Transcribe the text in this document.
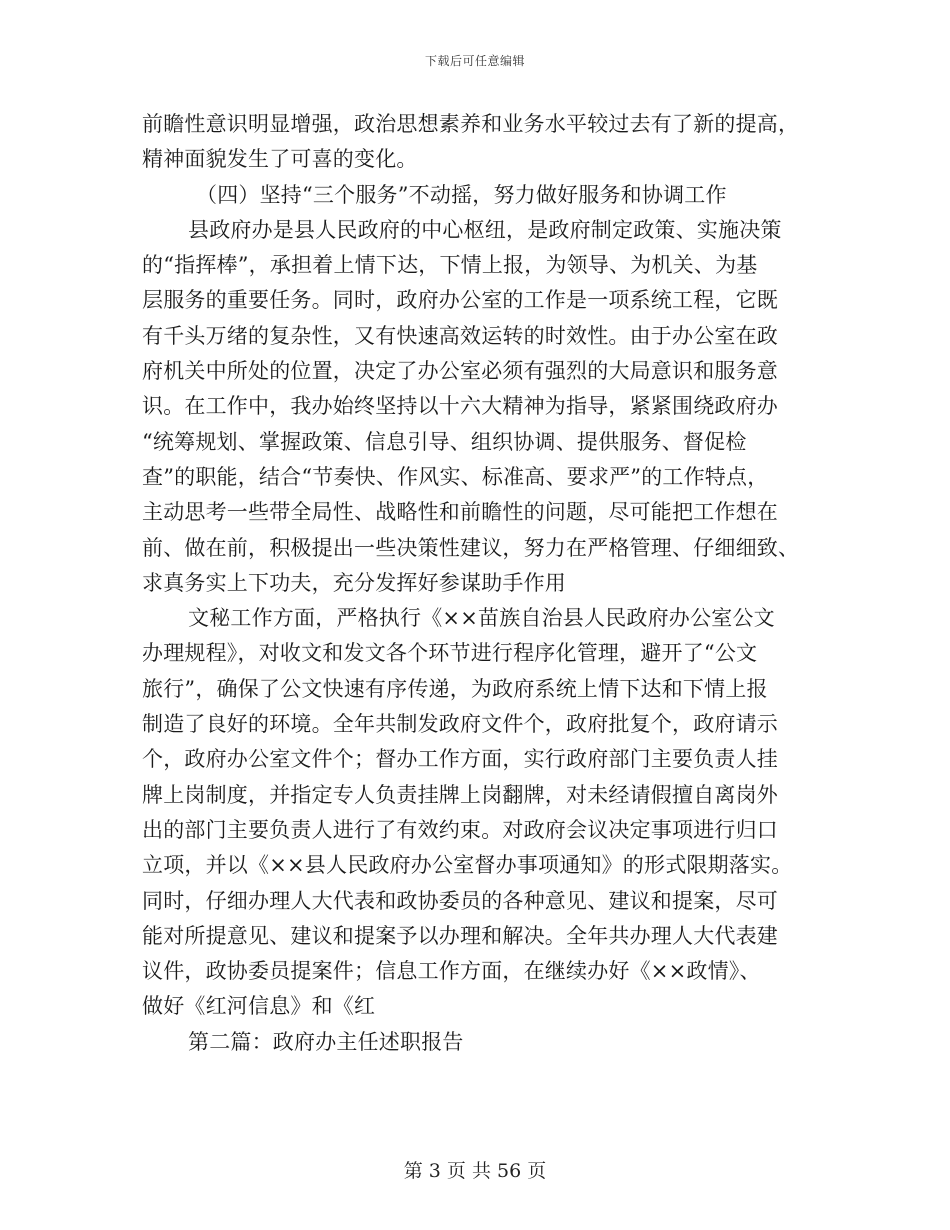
下载后可任意编辑
前瞻性意识明显增强，政治思想素养和业务水平较过去有了新的提高，
精神面貌发生了可喜的变化。
（四）坚持“三个服务”不动摇，努力做好服务和协调工作
县政府办是县人民政府的中心枢纽，是政府制定政策、实施决策
的“指挥棒”，承担着上情下达，下情上报，为领导、为机关、为基
层服务的重要任务。同时，政府办公室的工作是一项系统工程，它既
有千头万绪的复杂性，又有快速高效运转的时效性。由于办公室在政
府机关中所处的位置，决定了办公室必须有强烈的大局意识和服务意
识。在工作中，我办始终坚持以十六大精神为指导，紧紧围绕政府办
“统筹规划、掌握政策、信息引导、组织协调、提供服务、督促检
查”的职能，结合“节奏快、作风实、标准高、要求严”的工作特点，
主动思考一些带全局性、战略性和前瞻性的问题，尽可能把工作想在
前、做在前，积极提出一些决策性建议，努力在严格管理、仔细细致、
求真务实上下功夫，充分发挥好参谋助手作用
文秘工作方面，严格执行《××苗族自治县人民政府办公室公文
办理规程》，对收文和发文各个环节进行程序化管理，避开了“公文
旅行”，确保了公文快速有序传递，为政府系统上情下达和下情上报
制造了良好的环境。全年共制发政府文件个，政府批复个，政府请示
个，政府办公室文件个；督办工作方面，实行政府部门主要负责人挂
牌上岗制度，并指定专人负责挂牌上岗翻牌，对未经请假擅自离岗外
出的部门主要负责人进行了有效约束。对政府会议决定事项进行归口
立项，并以《××县人民政府办公室督办事项通知》的形式限期落实。
同时，仔细办理人大代表和政协委员的各种意见、建议和提案，尽可
能对所提意见、建议和提案予以办理和解决。全年共办理人大代表建
议件，政协委员提案件；信息工作方面，在继续办好《××政情》、
做好《红河信息》和《红
第二篇：政府办主任述职报告
第 3 页 共 56 页
